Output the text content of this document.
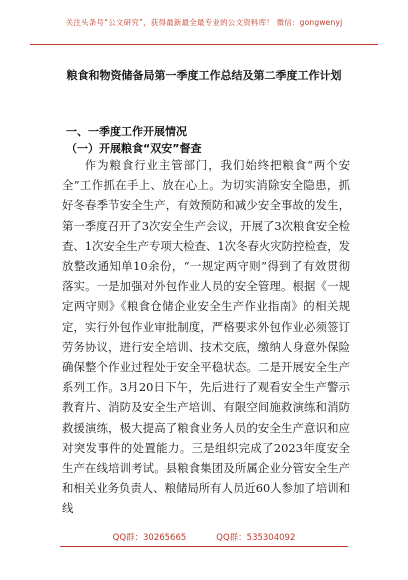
关注头条号“公文研究”，获得最新最全最专业的公文资料库！ 微信：gongwenyj
粮食和物资储备局第一季度工作总结及第二季度工作计划
一、一季度工作开展情况
（一）开展粮食“双安”督查

作为粮食行业主管部门，我们始终把粮食“两个安全”工作抓在手上、放在心上。为切实消除安全隐患，抓好冬春季节安全生产，有效预防和减少安全事故的发生，第一季度召开了3次安全生产会议，开展了3次粮食安全检查、1次安全生产专项大检查、1次冬春火灾防控检查，发放整改通知单10余份，“一规定两守则”得到了有效贯彻落实。一是加强对外包作业人员的安全管理。根据《一规定两守则》《粮食仓储企业安全生产作业指南》的相关规定，实行外包作业审批制度，严格要求外包作业必须签订劳务协议，进行安全培训、技术交底，缴纳人身意外保险确保整个作业过程处于安全平稳状态。二是开展安全生产系列工作。3月20日下午，先后进行了观看安全生产警示教育片、消防及安全生产培训、有限空间施救演练和消防救援演练，极大提高了粮食业务人员的安全生产意识和应对突发事件的处置能力。三是组织完成了2023年度安全生产在线培训考试。县粮食集团及所属企业分管安全生产和相关业务负责人、粮储局所有人员近60人参加了培训和线

QQ群：30265665	QQ群：535304092
